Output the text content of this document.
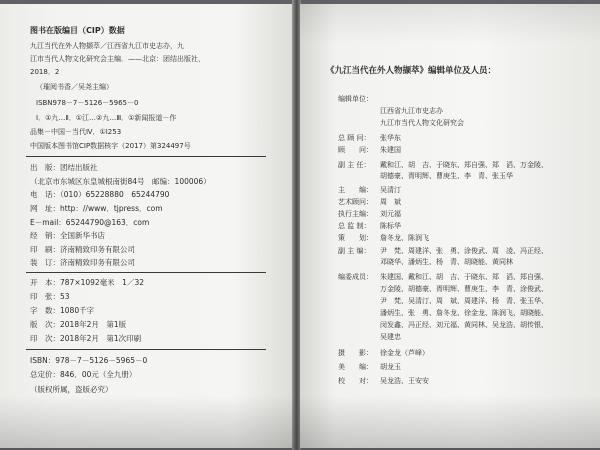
图书在版编目（CIP）数据
九江当代在外人物撷萃／江西省九江市史志办，九
江市当代人物文化研究会主编．——北京：团结出版社，
2018．2
（璀阅书香／吴尧主编）
ISBN978－7－5126－5965－0
Ⅰ．①九…Ⅱ．①江…②九…Ⅲ．①新闻报道－作
品集－中国－当代Ⅳ．①I253
中国版本图书馆CIP数据核字（2017）第324497号
出　版：团结出版社
（北京市东城区东皇城根南街84号　邮编：100006）
电　话：（010）65228880　65244790
网　址：http：//www．tjpress．com
E－mail：65244790@163．com
经　销：全国新华书店
印　刷：济南精致印务有限公司
装　订：济南精致印务有限公司
开　本：787×1092毫米　1／32
印　张：53
字　数：1080千字
版　次：2018年2月　第1版
印　次：2018年2月　第1次印刷
ISBN：978－7－5126－5965－0
总定价：846．00元（全九册）
（版权所属，盗版必究）
《九江当代在外人物撷萃》编辑单位及人员：
编辑单位：
江西省九江市史志办
九江市当代人物文化研究会
总 顾 问： 张华东
顾　　问： 朱建国
副 主 任： 戴和江、胡　吉、于晓东、郑自强、郑　滔、万金陵、
胡德豪、胥明辉、曹庚生、李　青、张玉华
主　　编： 吴清汀
艺术顾问： 周　斌
执行主编： 刘元福
总 监 制： 陈标华
策　　划： 詹冬龙、陈润飞
副 主 编： 尹　梵、周建洋、张　勇、涂俊武、周　凌、冯正经、
邓晓华、潘炳生、杨　青、胡晓能、黄同林
编委成员： 朱建国、戴和江、胡　吉、于晓东、郑　滔、郑自强、
万金陵、胡德豪、胥明辉、曹庚生、李　青、涂俊武、
尹　梵、吴清汀、周　斌、周建洋、杨　青、张玉华、
潘炳生、张　勇、詹冬龙、徐金龙、陈润飞、胡晓能、
闵发鑫、冯正经、刘元福、黄同林、吴龙浩、胡传银、
吴建忠
摄　　影： 徐金龙（芦峰）
美　　编： 胡龙玉
校　　对： 吴龙浩、王安安
